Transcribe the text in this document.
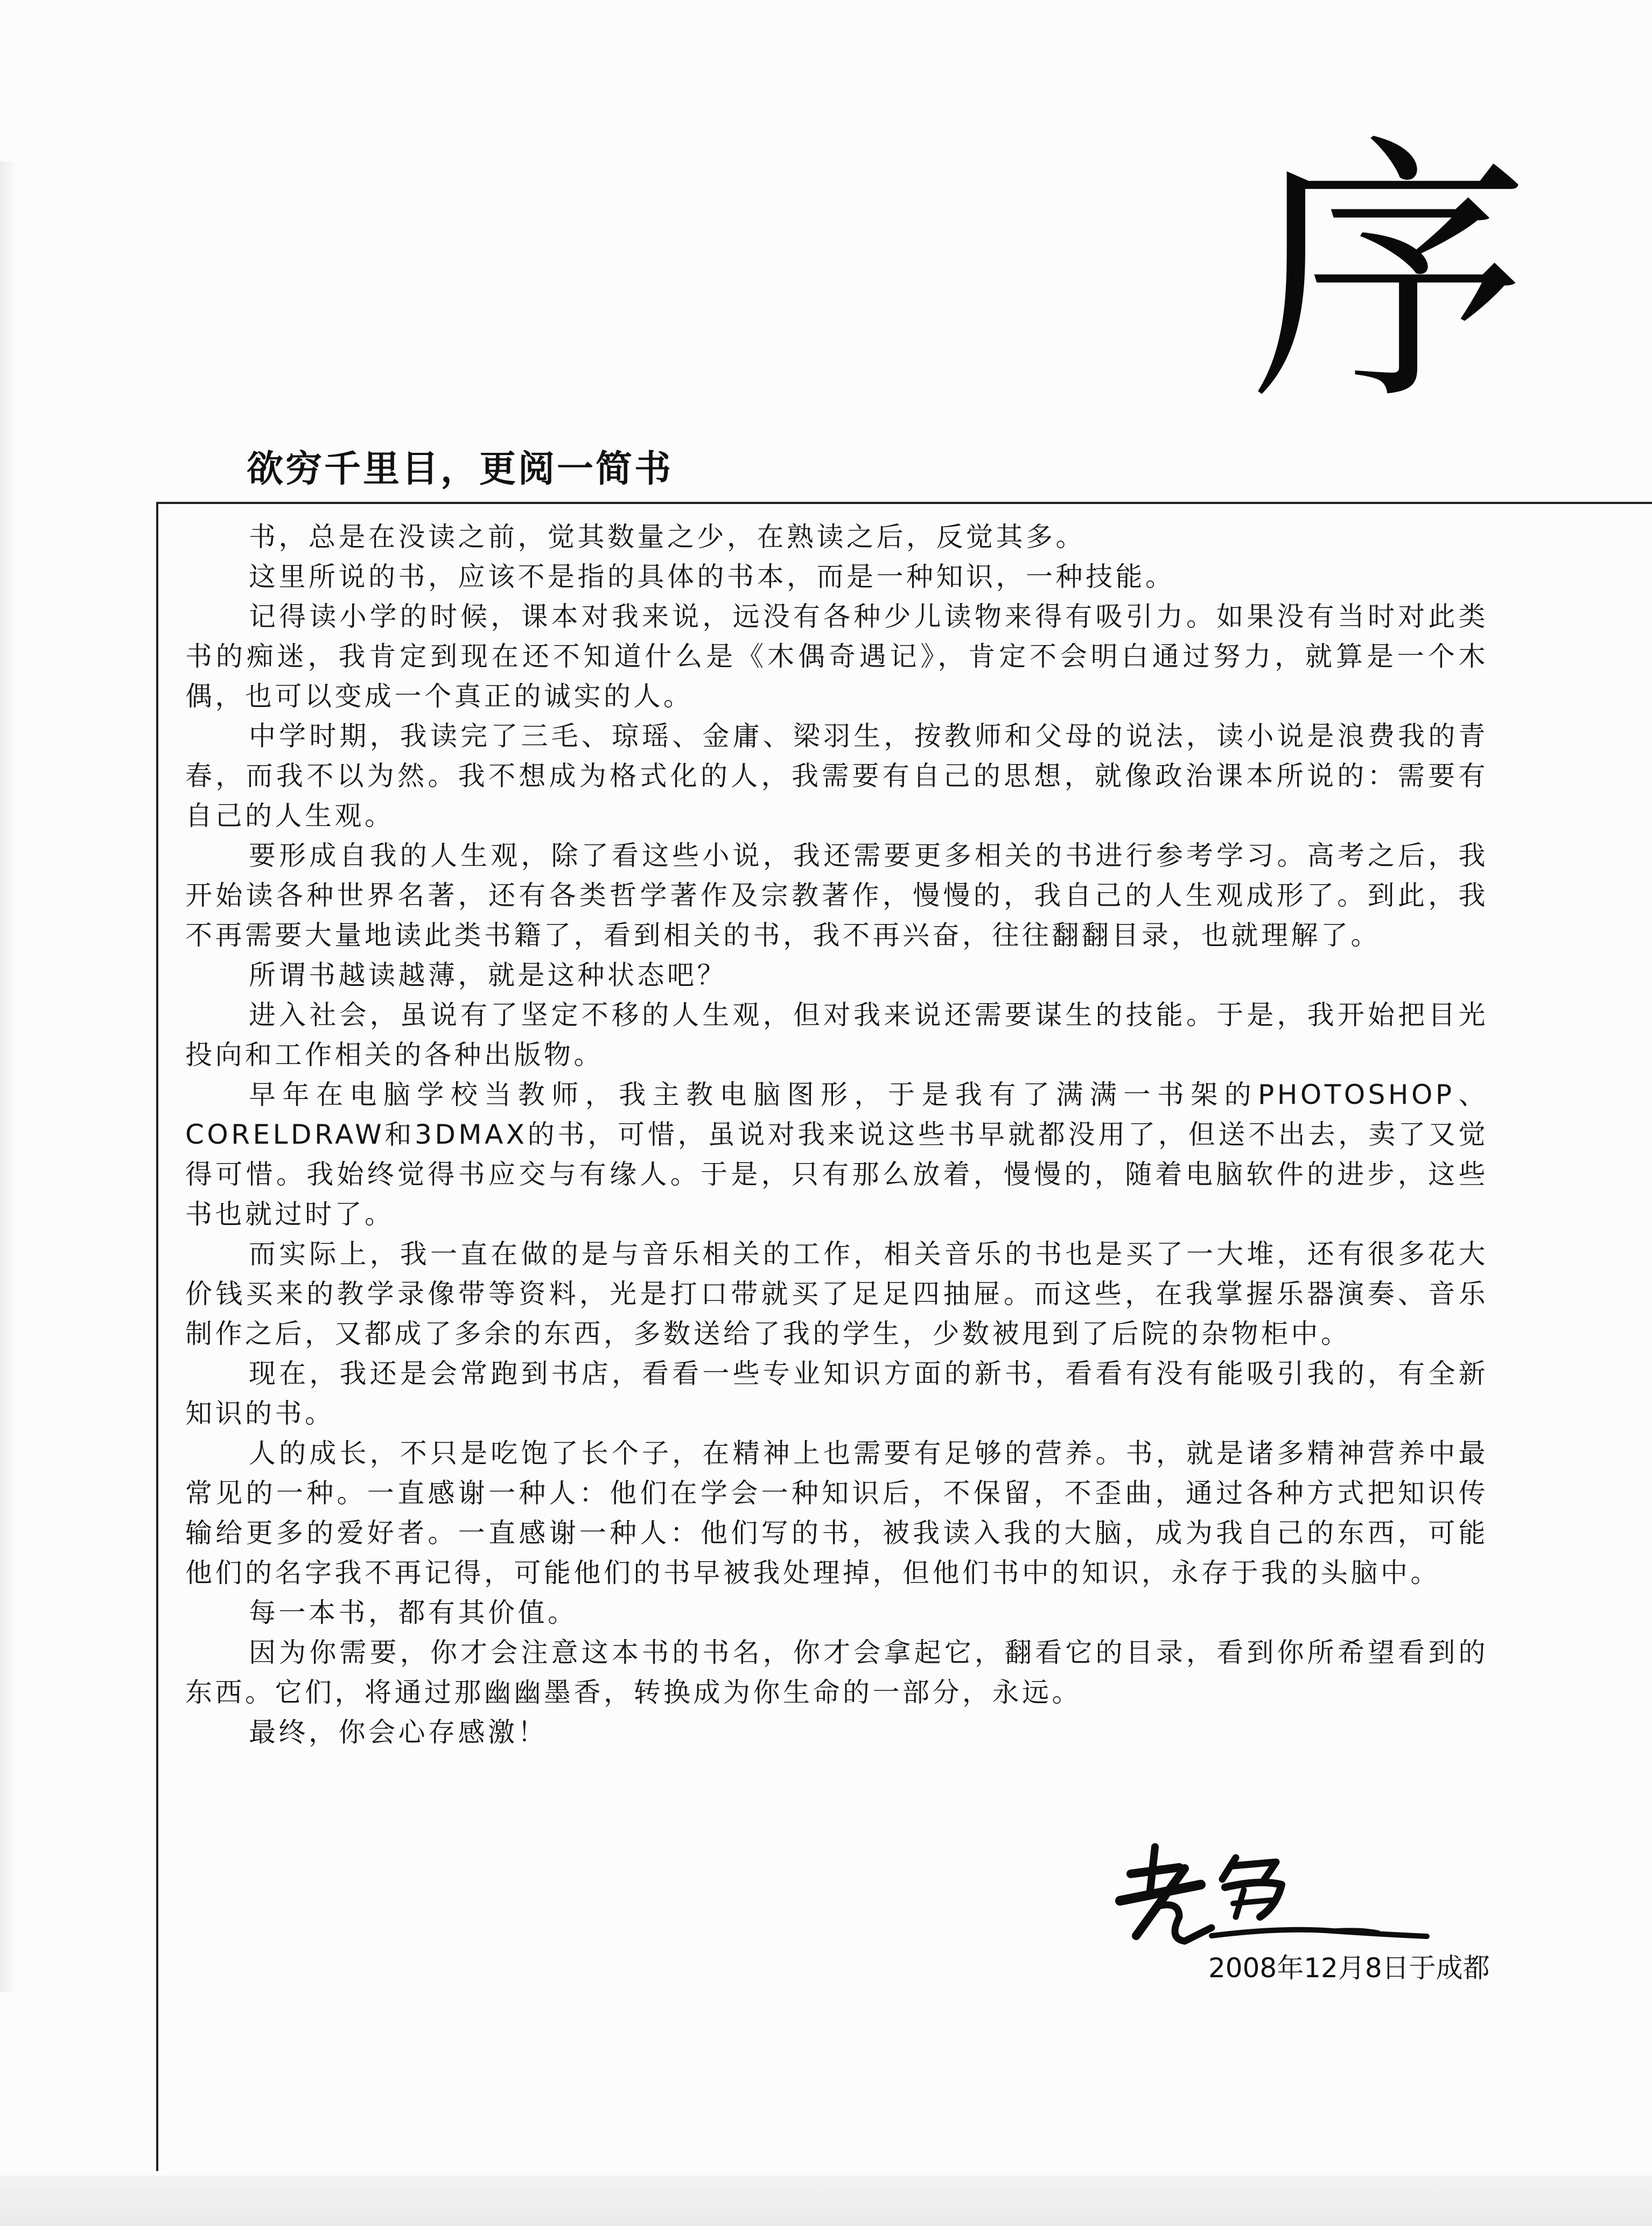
序
欲穷千里目，更阅一简书

书，总是在没读之前，觉其数量之少，在熟读之后，反觉其多。

这里所说的书，应该不是指的具体的书本，而是一种知识，一种技能。

记得读小学的时候，课本对我来说，远没有各种少儿读物来得有吸引力。如果没有当时对此类书的痴迷，我肯定到现在还不知道什么是《木偶奇遇记》，肯定不会明白通过努力，就算是一个木偶，也可以变成一个真正的诚实的人。

中学时期，我读完了三毛、琼瑶、金庸、梁羽生，按教师和父母的说法，读小说是浪费我的青春，而我不以为然。我不想成为格式化的人，我需要有自己的思想，就像政治课本所说的：需要有自己的人生观。

要形成自我的人生观，除了看这些小说，我还需要更多相关的书进行参考学习。高考之后，我开始读各种世界名著，还有各类哲学著作及宗教著作，慢慢的，我自己的人生观成形了。到此，我不再需要大量地读此类书籍了，看到相关的书，我不再兴奋，往往翻翻目录，也就理解了。

所谓书越读越薄，就是这种状态吧？

进入社会，虽说有了坚定不移的人生观，但对我来说还需要谋生的技能。于是，我开始把目光投向和工作相关的各种出版物。

早年在电脑学校当教师，我主教电脑图形，于是我有了满满一书架的PHOTOSHOP、CORELDRAW和3DMAX的书，可惜，虽说对我来说这些书早就都没用了，但送不出去，卖了又觉得可惜。我始终觉得书应交与有缘人。于是，只有那么放着，慢慢的，随着电脑软件的进步，这些书也就过时了。

而实际上，我一直在做的是与音乐相关的工作，相关音乐的书也是买了一大堆，还有很多花大价钱买来的教学录像带等资料，光是打口带就买了足足四抽屉。而这些，在我掌握乐器演奏、音乐制作之后，又都成了多余的东西，多数送给了我的学生，少数被甩到了后院的杂物柜中。

现在，我还是会常跑到书店，看看一些专业知识方面的新书，看看有没有能吸引我的，有全新知识的书。

人的成长，不只是吃饱了长个子，在精神上也需要有足够的营养。书，就是诸多精神营养中最常见的一种。一直感谢一种人：他们在学会一种知识后，不保留，不歪曲，通过各种方式把知识传输给更多的爱好者。一直感谢一种人：他们写的书，被我读入我的大脑，成为我自己的东西，可能他们的名字我不再记得，可能他们的书早被我处理掉，但他们书中的知识，永存于我的头脑中。

每一本书，都有其价值。

因为你需要，你才会注意这本书的书名，你才会拿起它，翻看它的目录，看到你所希望看到的东西。它们，将通过那幽幽墨香，转换成为你生命的一部分，永远。

最终，你会心存感激！

2008年12月8日于成都
